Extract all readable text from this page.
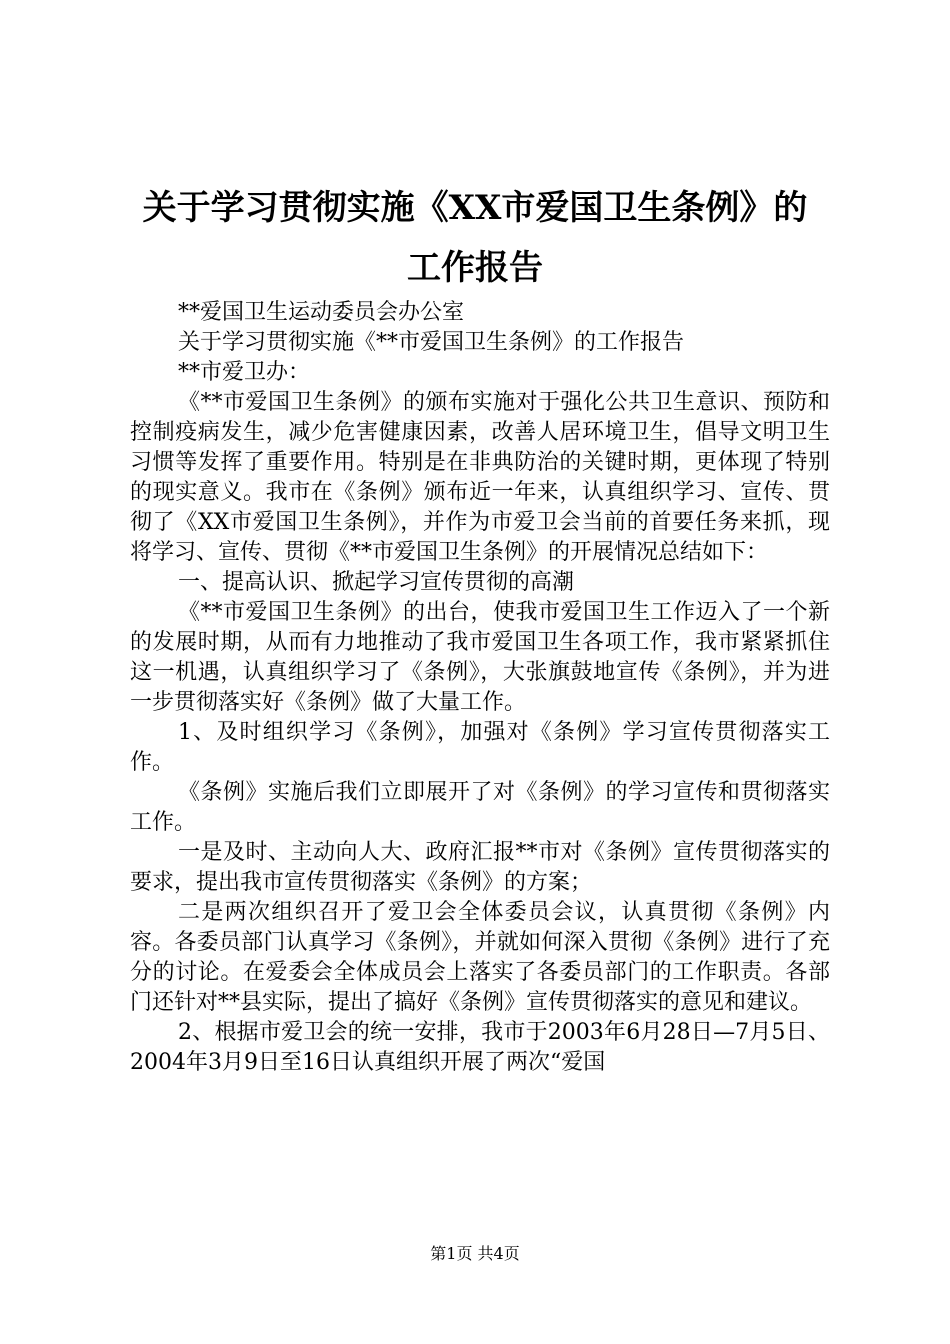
关于学习贯彻实施《XX市爱国卫生条例》的
工作报告

**爱国卫生运动委员会办公室

关于学习贯彻实施《**市爱国卫生条例》的工作报告

**市爱卫办：

《**市爱国卫生条例》的颁布实施对于强化公共卫生意识、预防和控制疫病发生，减少危害健康因素，改善人居环境卫生，倡导文明卫生习惯等发挥了重要作用。特别是在非典防治的关键时期，更体现了特别的现实意义。我市在《条例》颁布近一年来，认真组织学习、宣传、贯彻了《XX市爱国卫生条例》，并作为市爱卫会当前的首要任务来抓，现将学习、宣传、贯彻《**市爱国卫生条例》的开展情况总结如下：

一、提高认识、掀起学习宣传贯彻的高潮

《**市爱国卫生条例》的出台，使我市爱国卫生工作迈入了一个新的发展时期，从而有力地推动了我市爱国卫生各项工作，我市紧紧抓住这一机遇，认真组织学习了《条例》，大张旗鼓地宣传《条例》，并为进一步贯彻落实好《条例》做了大量工作。

1、及时组织学习《条例》，加强对《条例》学习宣传贯彻落实工作。

《条例》实施后我们立即展开了对《条例》的学习宣传和贯彻落实工作。

一是及时、主动向人大、政府汇报**市对《条例》宣传贯彻落实的要求，提出我市宣传贯彻落实《条例》的方案；

二是两次组织召开了爱卫会全体委员会议，认真贯彻《条例》内容。各委员部门认真学习《条例》，并就如何深入贯彻《条例》进行了充分的讨论。在爱委会全体成员会上落实了各委员部门的工作职责。各部门还针对**县实际，提出了搞好《条例》宣传贯彻落实的意见和建议。

2、根据市爱卫会的统一安排，我市于2003年6月28日—7月5日、2004年3月9日至16日认真组织开展了两次“爱国

第1页 共4页
